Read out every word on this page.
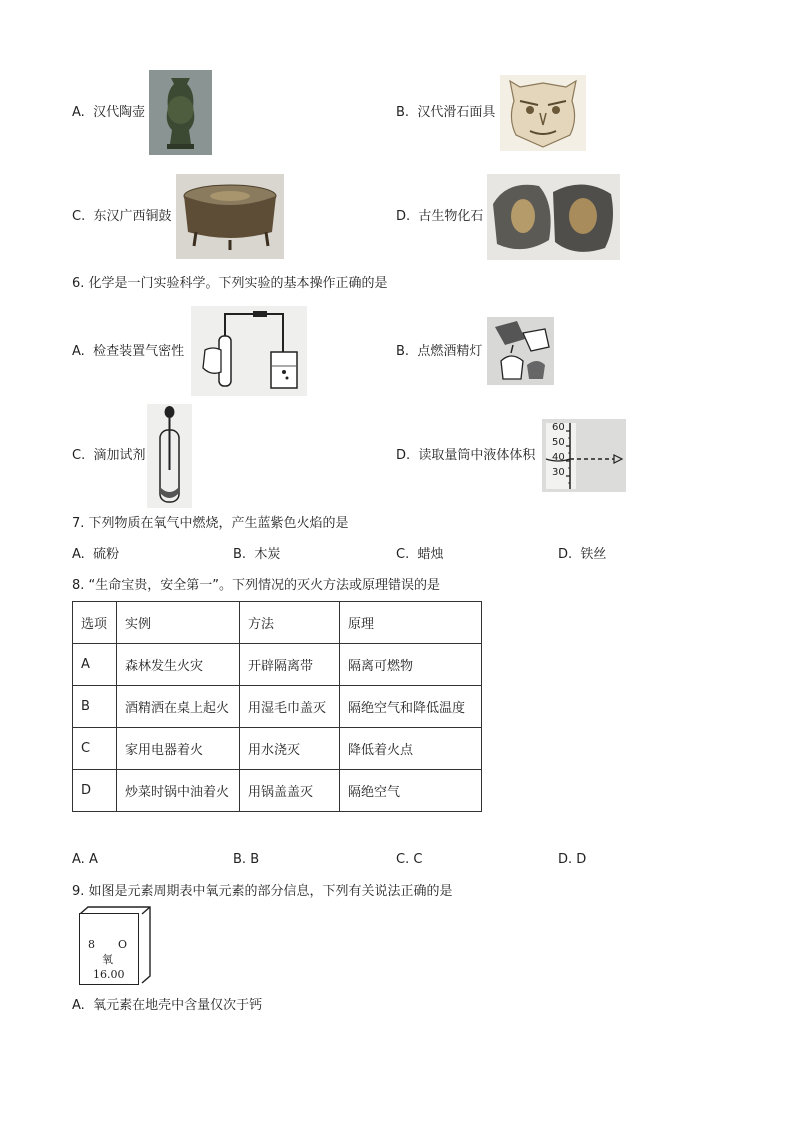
A. 汉代陶壶	B. 汉代滑石面具
C. 东汉广西铜鼓	D. 古生物化石
6. 化学是一门实验科学。下列实验的基本操作正确的是
A. 检查装置气密性	B. 点燃酒精灯
C. 滴加试剂	D. 读取量筒中液体体积
60
50
40
30
7. 下列物质在氧气中燃烧，产生蓝紫色火焰的是
A. 硫粉	B. 木炭	C. 蜡烛	D. 铁丝
8. “生命宝贵，安全第一”。下列情况的灭火方法或原理错误的是
选项	实例	方法	原理
A	森林发生火灾	开辟隔离带	隔离可燃物
B	酒精洒在桌上起火	用湿毛巾盖灭	隔绝空气和降低温度
C	家用电器着火	用水浇灭	降低着火点
D	炒菜时锅中油着火	用锅盖盖灭	隔绝空气
A. A	B. B	C. C	D. D
9. 如图是元素周期表中氧元素的部分信息，下列有关说法正确的是
8 O
氧
16.00
A. 氧元素在地壳中含量仅次于钙
